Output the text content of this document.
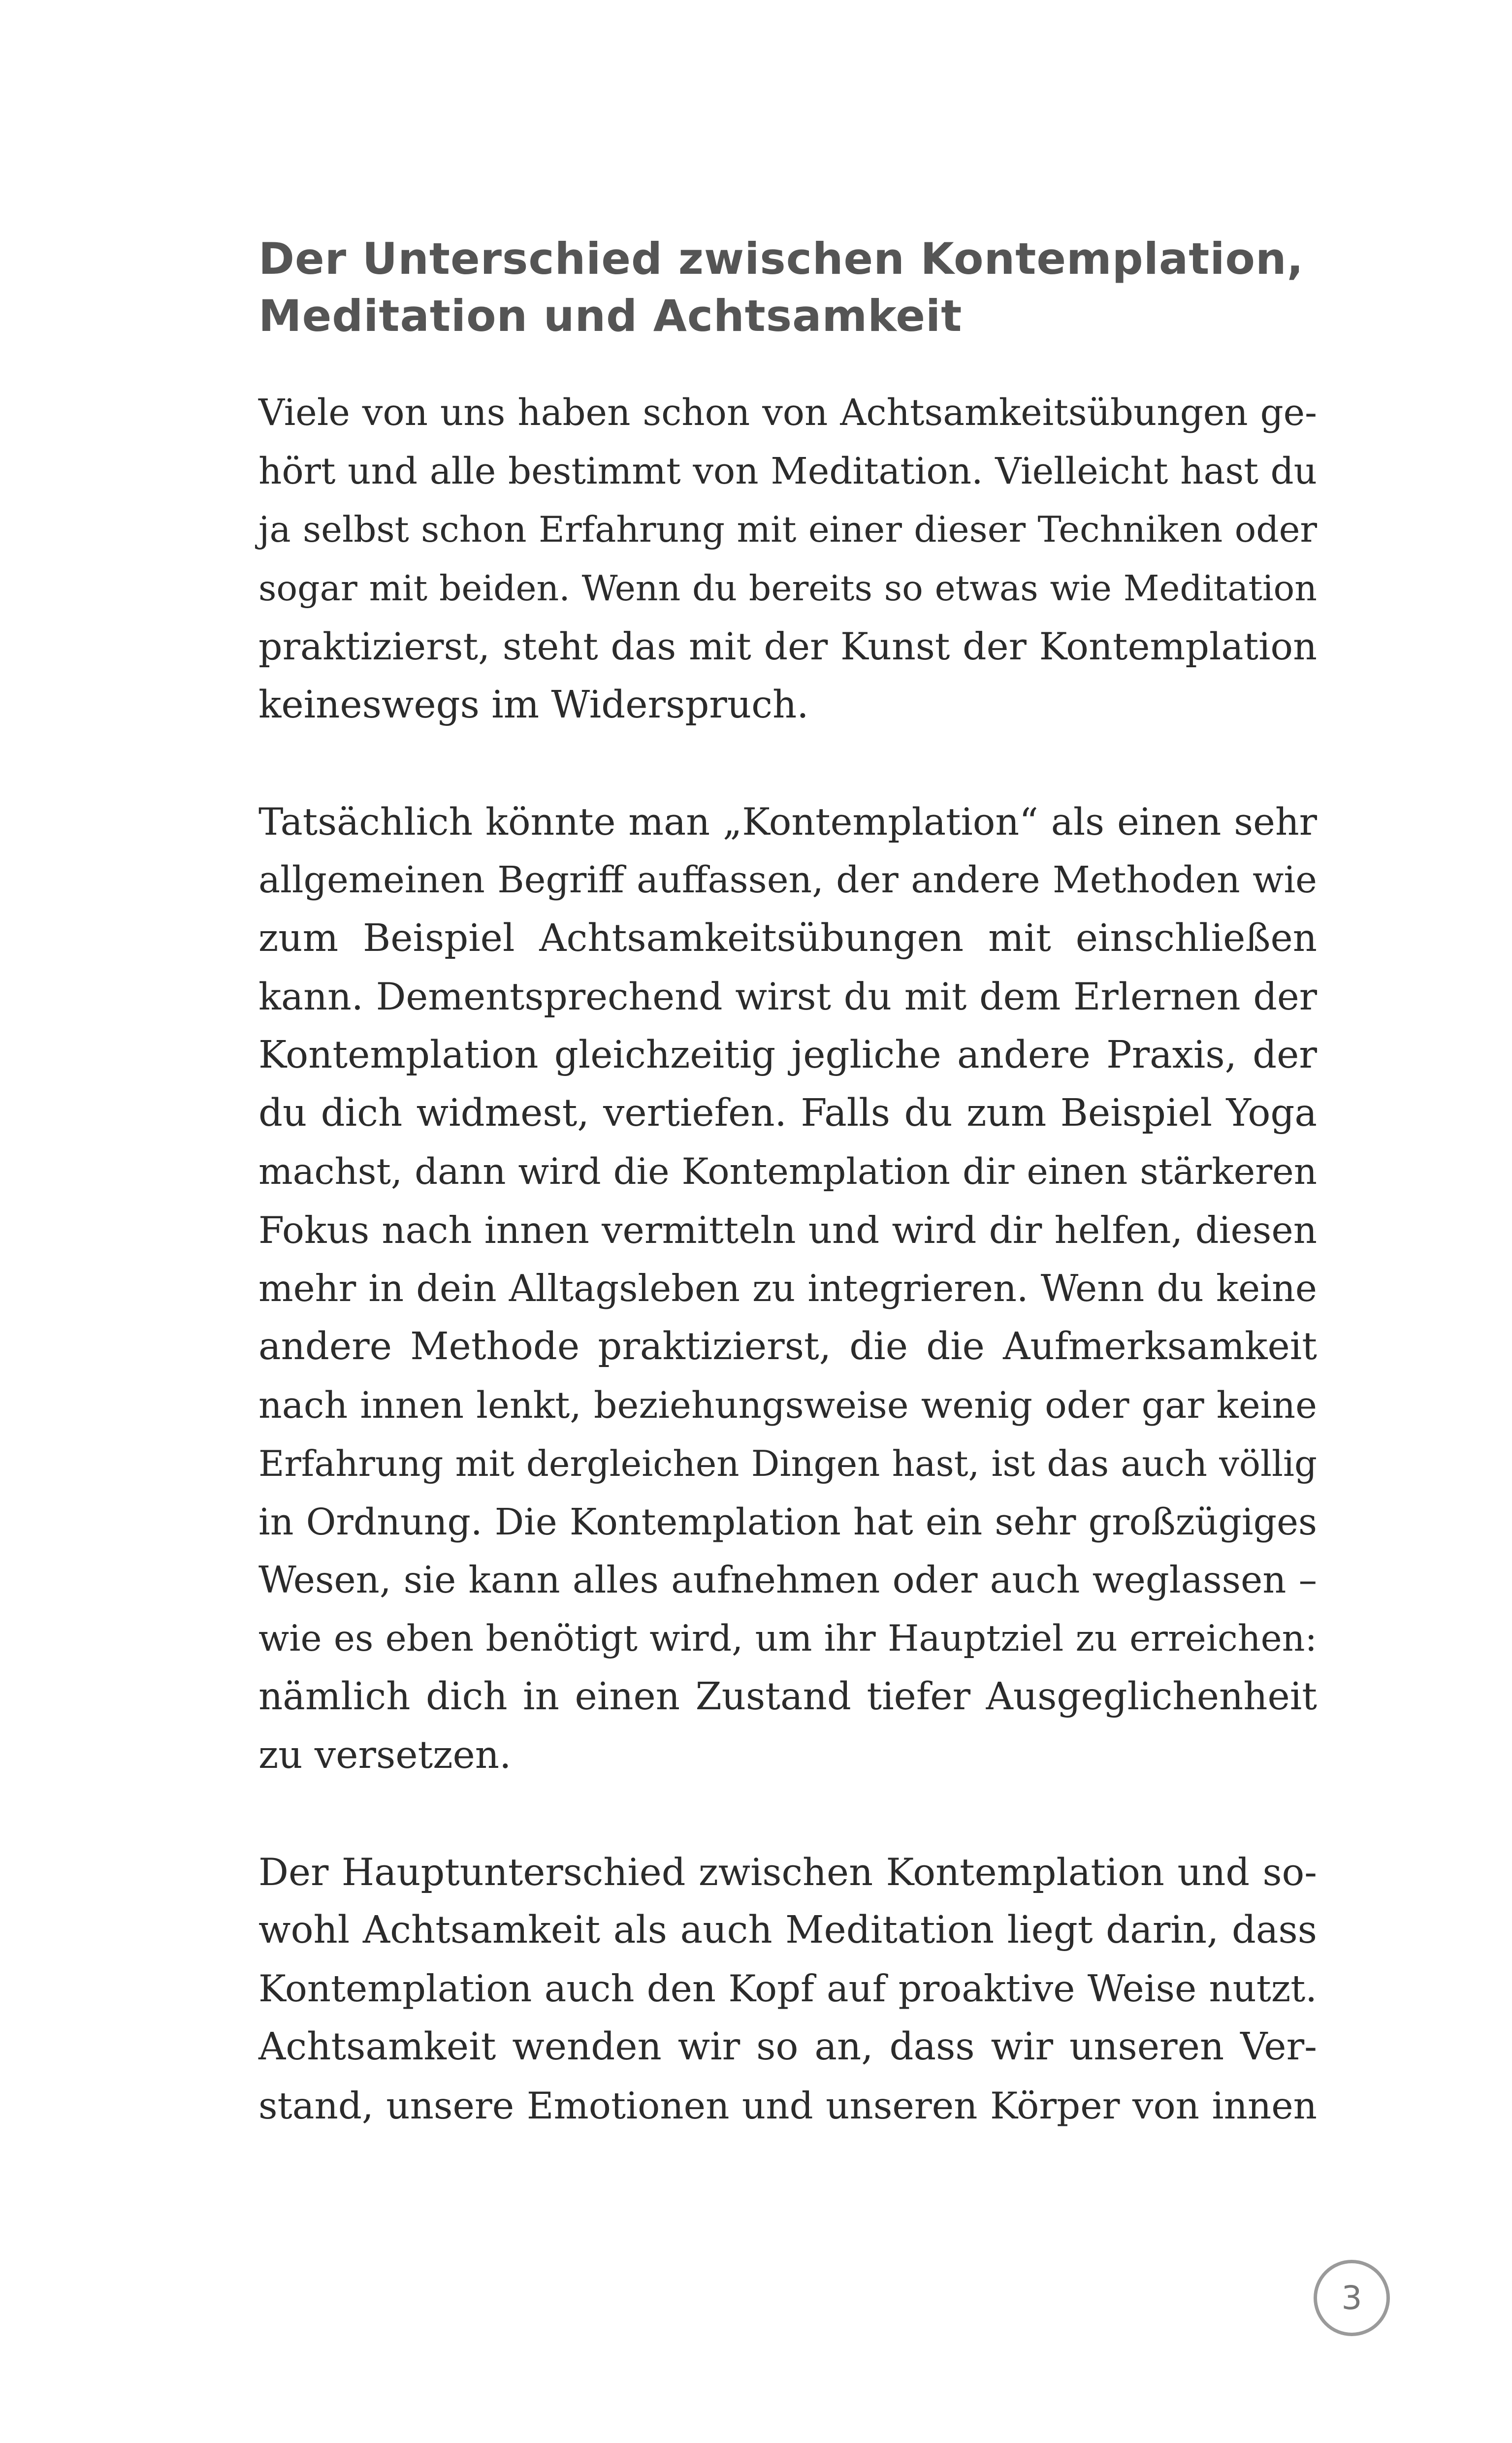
Der Unterschied zwischen Kontemplation,
Meditation und Achtsamkeit

Viele von uns haben schon von Achtsamkeitsübungen ge-
hört und alle bestimmt von Meditation. Vielleicht hast du
ja selbst schon Erfahrung mit einer dieser Techniken oder
sogar mit beiden. Wenn du bereits so etwas wie Meditation
praktizierst, steht das mit der Kunst der Kontemplation
keineswegs im Widerspruch.

Tatsächlich könnte man „Kontemplation“ als einen sehr
allgemeinen Begriff auffassen, der andere Methoden wie
zum Beispiel Achtsamkeitsübungen mit einschließen
kann. Dementsprechend wirst du mit dem Erlernen der
Kontemplation gleichzeitig jegliche andere Praxis, der
du dich widmest, vertiefen. Falls du zum Beispiel Yoga
machst, dann wird die Kontemplation dir einen stärkeren
Fokus nach innen vermitteln und wird dir helfen, diesen
mehr in dein Alltagsleben zu integrieren. Wenn du keine
andere Methode praktizierst, die die Aufmerksamkeit
nach innen lenkt, beziehungsweise wenig oder gar keine
Erfahrung mit dergleichen Dingen hast, ist das auch völlig
in Ordnung. Die Kontemplation hat ein sehr großzügiges
Wesen, sie kann alles aufnehmen oder auch weglassen –
wie es eben benötigt wird, um ihr Hauptziel zu erreichen:
nämlich dich in einen Zustand tiefer Ausgeglichenheit
zu versetzen.

Der Hauptunterschied zwischen Kontemplation und so-
wohl Achtsamkeit als auch Meditation liegt darin, dass
Kontemplation auch den Kopf auf proaktive Weise nutzt.
Achtsamkeit wenden wir so an, dass wir unseren Ver-
stand, unsere Emotionen und unseren Körper von innen

3
